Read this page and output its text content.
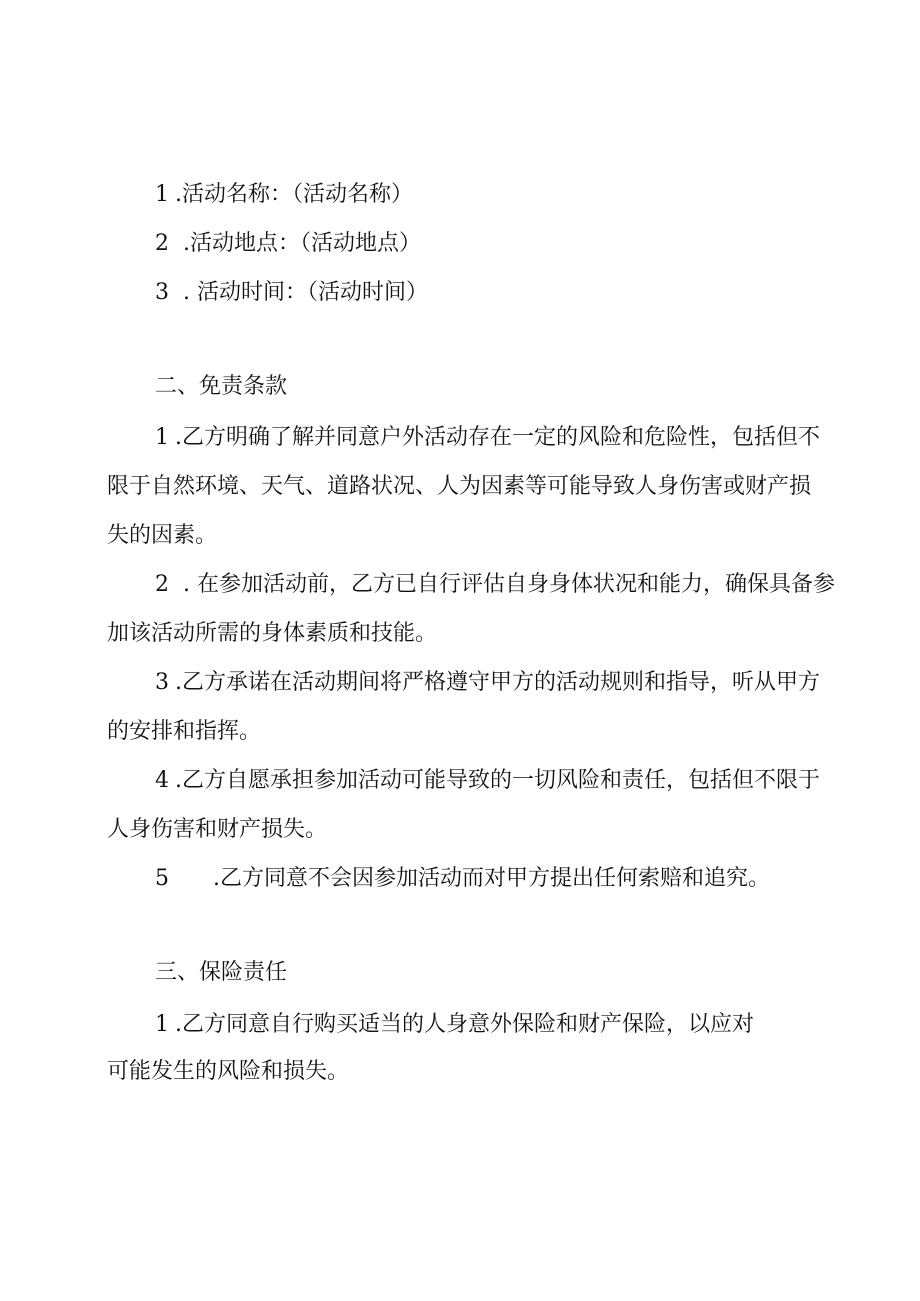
1 .活动名称：（活动名称）

2 .活动地点：（活动地点）

3 . 活动时间：（活动时间）

二、免责条款

1 .乙方明确了解并同意户外活动存在一定的风险和危险性，包括但不

限于自然环境、天气、道路状况、人为因素等可能导致人身伤害或财产损

失的因素。

2 . 在参加活动前，乙方已自行评估自身身体状况和能力，确保具备参

加该活动所需的身体素质和技能。

3 .乙方承诺在活动期间将严格遵守甲方的活动规则和指导，听从甲方

的安排和指挥。

4 .乙方自愿承担参加活动可能导致的一切风险和责任，包括但不限于

人身伤害和财产损失。

5 .乙方同意不会因参加活动而对甲方提出任何索赔和追究。

三、保险责任

1 .乙方同意自行购买适当的人身意外保险和财产保险，以应对

可能发生的风险和损失。
